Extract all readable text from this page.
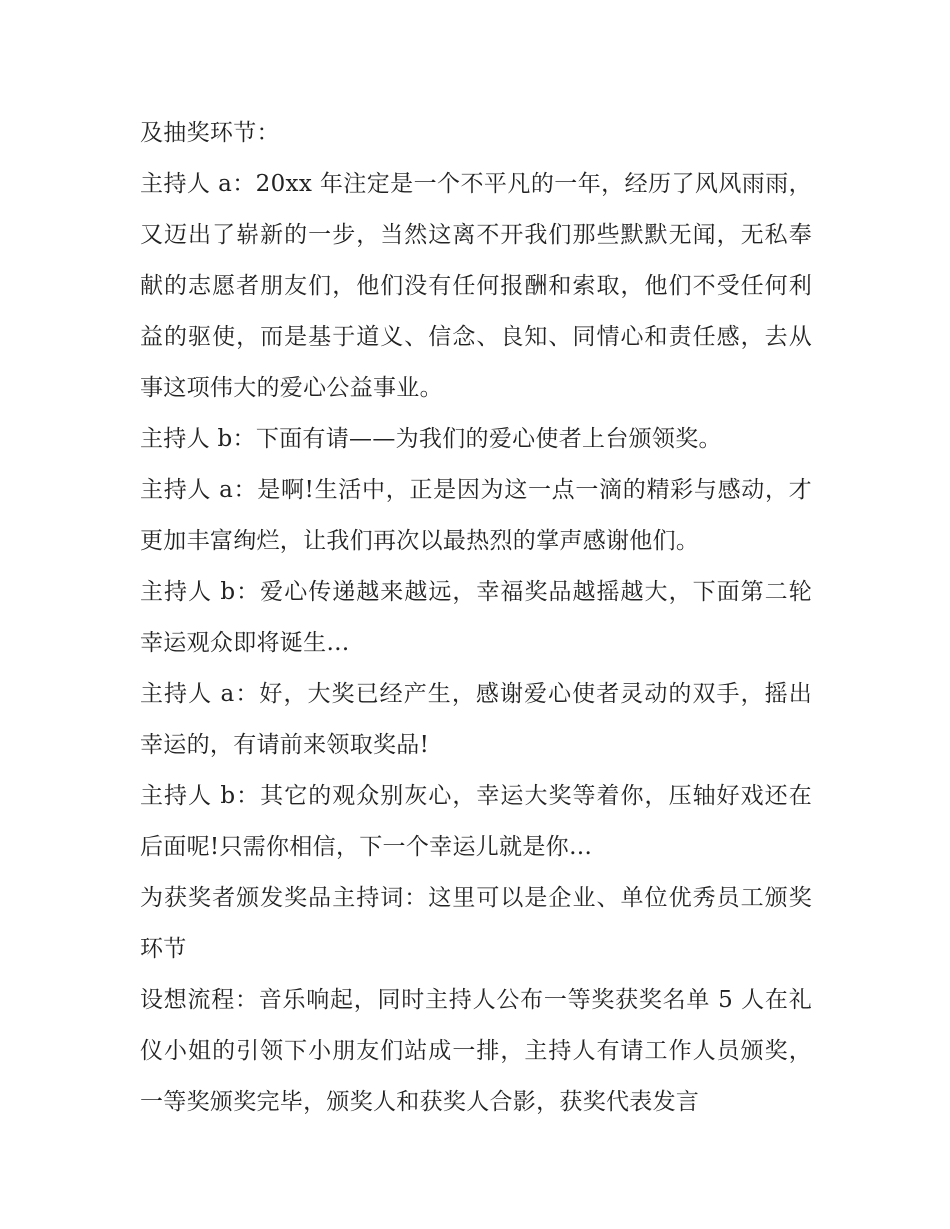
及抽奖环节：

主持人 a：20xx 年注定是一个不平凡的一年，经历了风风雨雨，又迈出了崭新的一步，当然这离不开我们那些默默无闻，无私奉献的志愿者朋友们，他们没有任何报酬和索取，他们不受任何利益的驱使，而是基于道义、信念、良知、同情心和责任感，去从事这项伟大的爱心公益事业。

主持人 b：下面有请——为我们的爱心使者上台颁领奖。

主持人 a：是啊!生活中，正是因为这一点一滴的精彩与感动，才更加丰富绚烂，让我们再次以最热烈的掌声感谢他们。

主持人 b：爱心传递越来越远，幸福奖品越摇越大，下面第二轮幸运观众即将诞生…

主持人 a：好，大奖已经产生，感谢爱心使者灵动的双手，摇出幸运的，有请前来领取奖品!

主持人 b：其它的观众别灰心，幸运大奖等着你，压轴好戏还在后面呢!只需你相信，下一个幸运儿就是你…

为获奖者颁发奖品主持词：这里可以是企业、单位优秀员工颁奖环节

设想流程：音乐响起，同时主持人公布一等奖获奖名单 5 人在礼仪小姐的引领下小朋友们站成一排，主持人有请工作人员颁奖，一等奖颁奖完毕，颁奖人和获奖人合影，获奖代表发言
